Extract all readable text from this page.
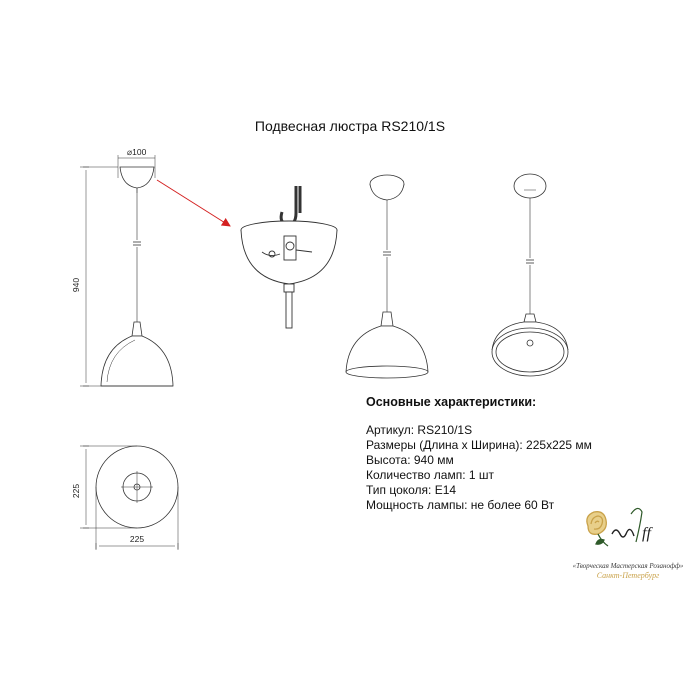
Подвесная люстра RS210/1S
⌀100
940
225
225
Основные характеристики:
Артикул: RS210/1S
Размеры (Длина х Ширина): 225х225 мм
Высота: 940 мм
Количество ламп: 1 шт
Тип цоколя: Е14
Мощность лампы: не более 60 Вт
ff
«Творческая Мастерская Розанофф»
Санкт-Петербург
